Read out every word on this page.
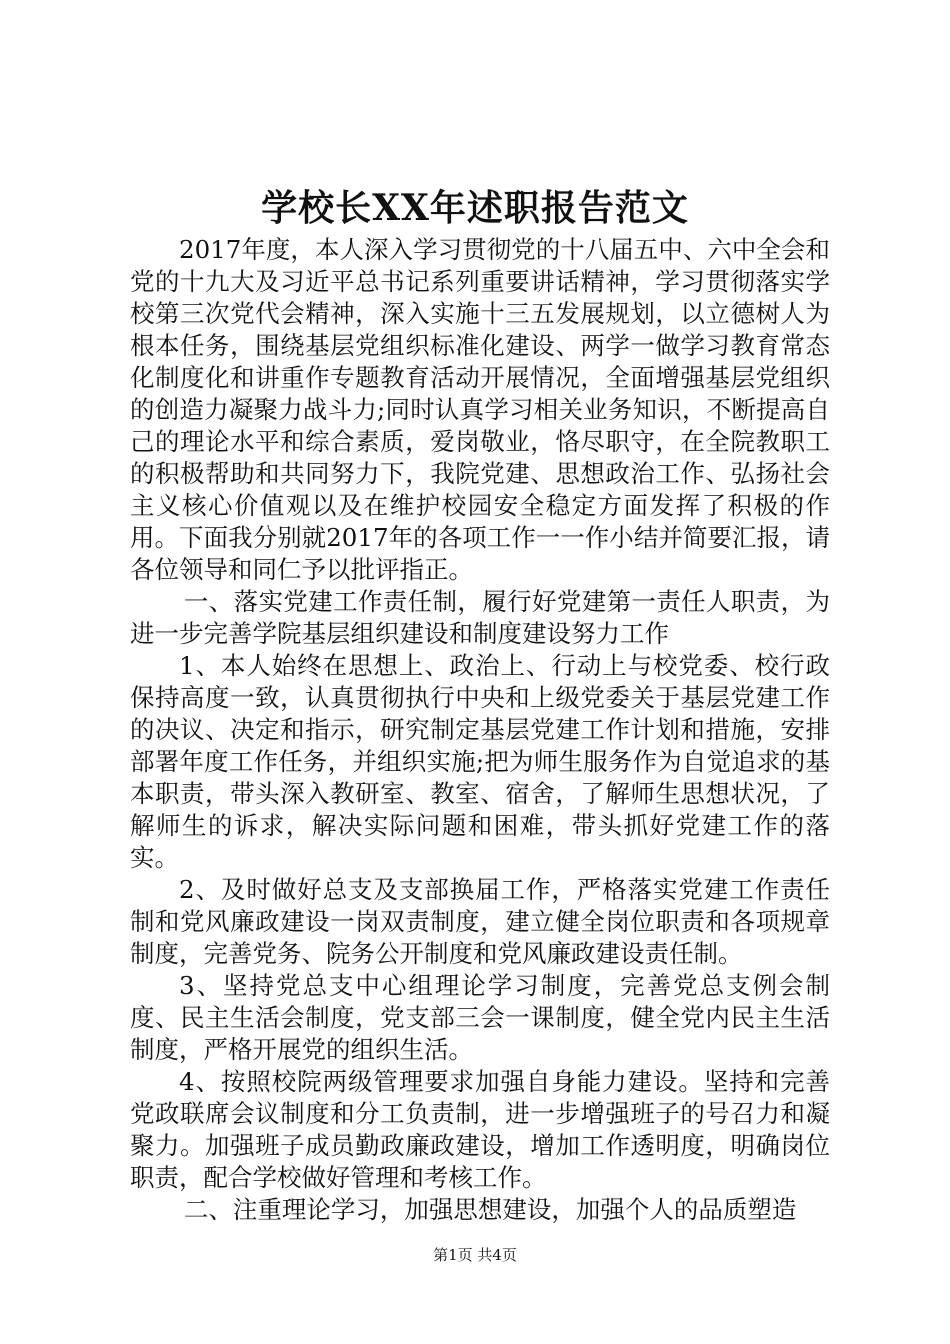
学校长XX年述职报告范文

2017年度，本人深入学习贯彻党的十八届五中、六中全会和党的十九大及习近平总书记系列重要讲话精神，学习贯彻落实学校第三次党代会精神，深入实施十三五发展规划，以立德树人为根本任务，围绕基层党组织标准化建设、两学一做学习教育常态化制度化和讲重作专题教育活动开展情况，全面增强基层党组织的创造力凝聚力战斗力;同时认真学习相关业务知识，不断提高自己的理论水平和综合素质，爱岗敬业，恪尽职守，在全院教职工的积极帮助和共同努力下，我院党建、思想政治工作、弘扬社会主义核心价值观以及在维护校园安全稳定方面发挥了积极的作用。下面我分别就2017年的各项工作一一作小结并简要汇报，请各位领导和同仁予以批评指正。

一、落实党建工作责任制，履行好党建第一责任人职责，为进一步完善学院基层组织建设和制度建设努力工作

1、本人始终在思想上、政治上、行动上与校党委、校行政保持高度一致，认真贯彻执行中央和上级党委关于基层党建工作的决议、决定和指示，研究制定基层党建工作计划和措施，安排部署年度工作任务，并组织实施;把为师生服务作为自觉追求的基本职责，带头深入教研室、教室、宿舍，了解师生思想状况，了解师生的诉求，解决实际问题和困难，带头抓好党建工作的落实。

2、及时做好总支及支部换届工作，严格落实党建工作责任制和党风廉政建设一岗双责制度，建立健全岗位职责和各项规章制度，完善党务、院务公开制度和党风廉政建设责任制。

3、坚持党总支中心组理论学习制度，完善党总支例会制度、民主生活会制度，党支部三会一课制度，健全党内民主生活制度，严格开展党的组织生活。

4、按照校院两级管理要求加强自身能力建设。坚持和完善党政联席会议制度和分工负责制，进一步增强班子的号召力和凝聚力。加强班子成员勤政廉政建设，增加工作透明度，明确岗位职责，配合学校做好管理和考核工作。

二、注重理论学习，加强思想建设，加强个人的品质塑造

第1页 共4页
